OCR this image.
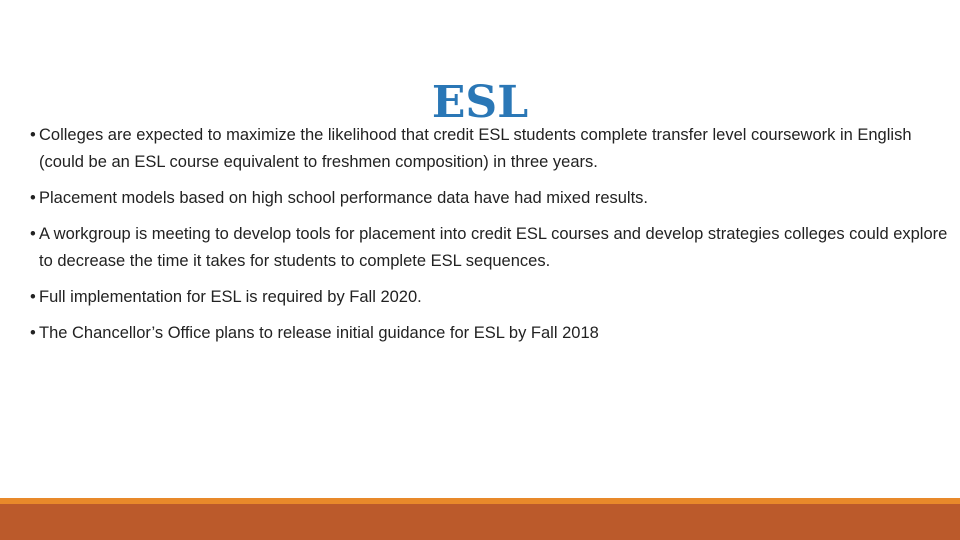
ESL
• Colleges are expected to maximize the likelihood that credit ESL students complete transfer level coursework in English (could be an ESL course equivalent to freshmen composition) in three years.
• Placement models based on high school performance data have had mixed results.
• A workgroup is meeting to develop tools for placement into credit ESL courses and develop strategies colleges could explore to decrease the time it takes for students to complete ESL sequences.
• Full implementation for ESL is required by Fall 2020.
• The Chancellor’s Office plans to release initial guidance for ESL by Fall 2018
